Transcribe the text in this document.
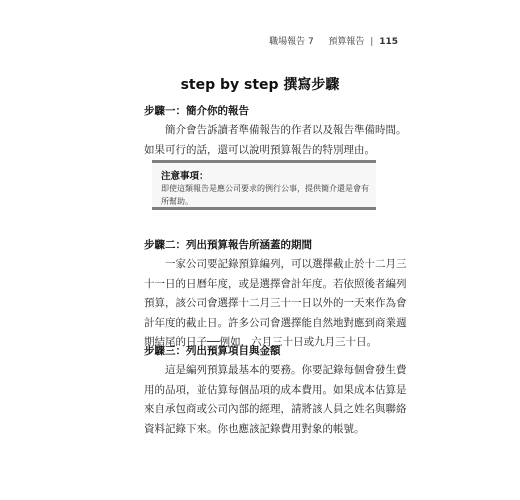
職場報告 7 預算報告 | 115
step by step 撰寫步驟
步驟一：簡介你的報告
簡介會告訴讀者準備報告的作者以及報告準備時間。
如果可行的話，還可以說明預算報告的特別理由。
注意事項：
即使這類報告是應公司要求的例行公事，提供簡介還是會有
所幫助。
步驟二：列出預算報告所涵蓋的期間
一家公司要記錄預算編列，可以選擇截止於十二月三
十一日的日曆年度，或是選擇會計年度。若依照後者編列
預算，該公司會選擇十二月三十一日以外的一天來作為會
計年度的截止日。許多公司會選擇能自然地對應到商業週
期結尾的日子──例如，六月三十日或九月三十日。
步驟三：列出預算項目與金額
這是編列預算最基本的要務。你要記錄每個會發生費
用的品項，並估算每個品項的成本費用。如果成本估算是
來自承包商或公司內部的經理，請將該人員之姓名與聯絡
資料記錄下來。你也應該記錄費用對象的帳號。
